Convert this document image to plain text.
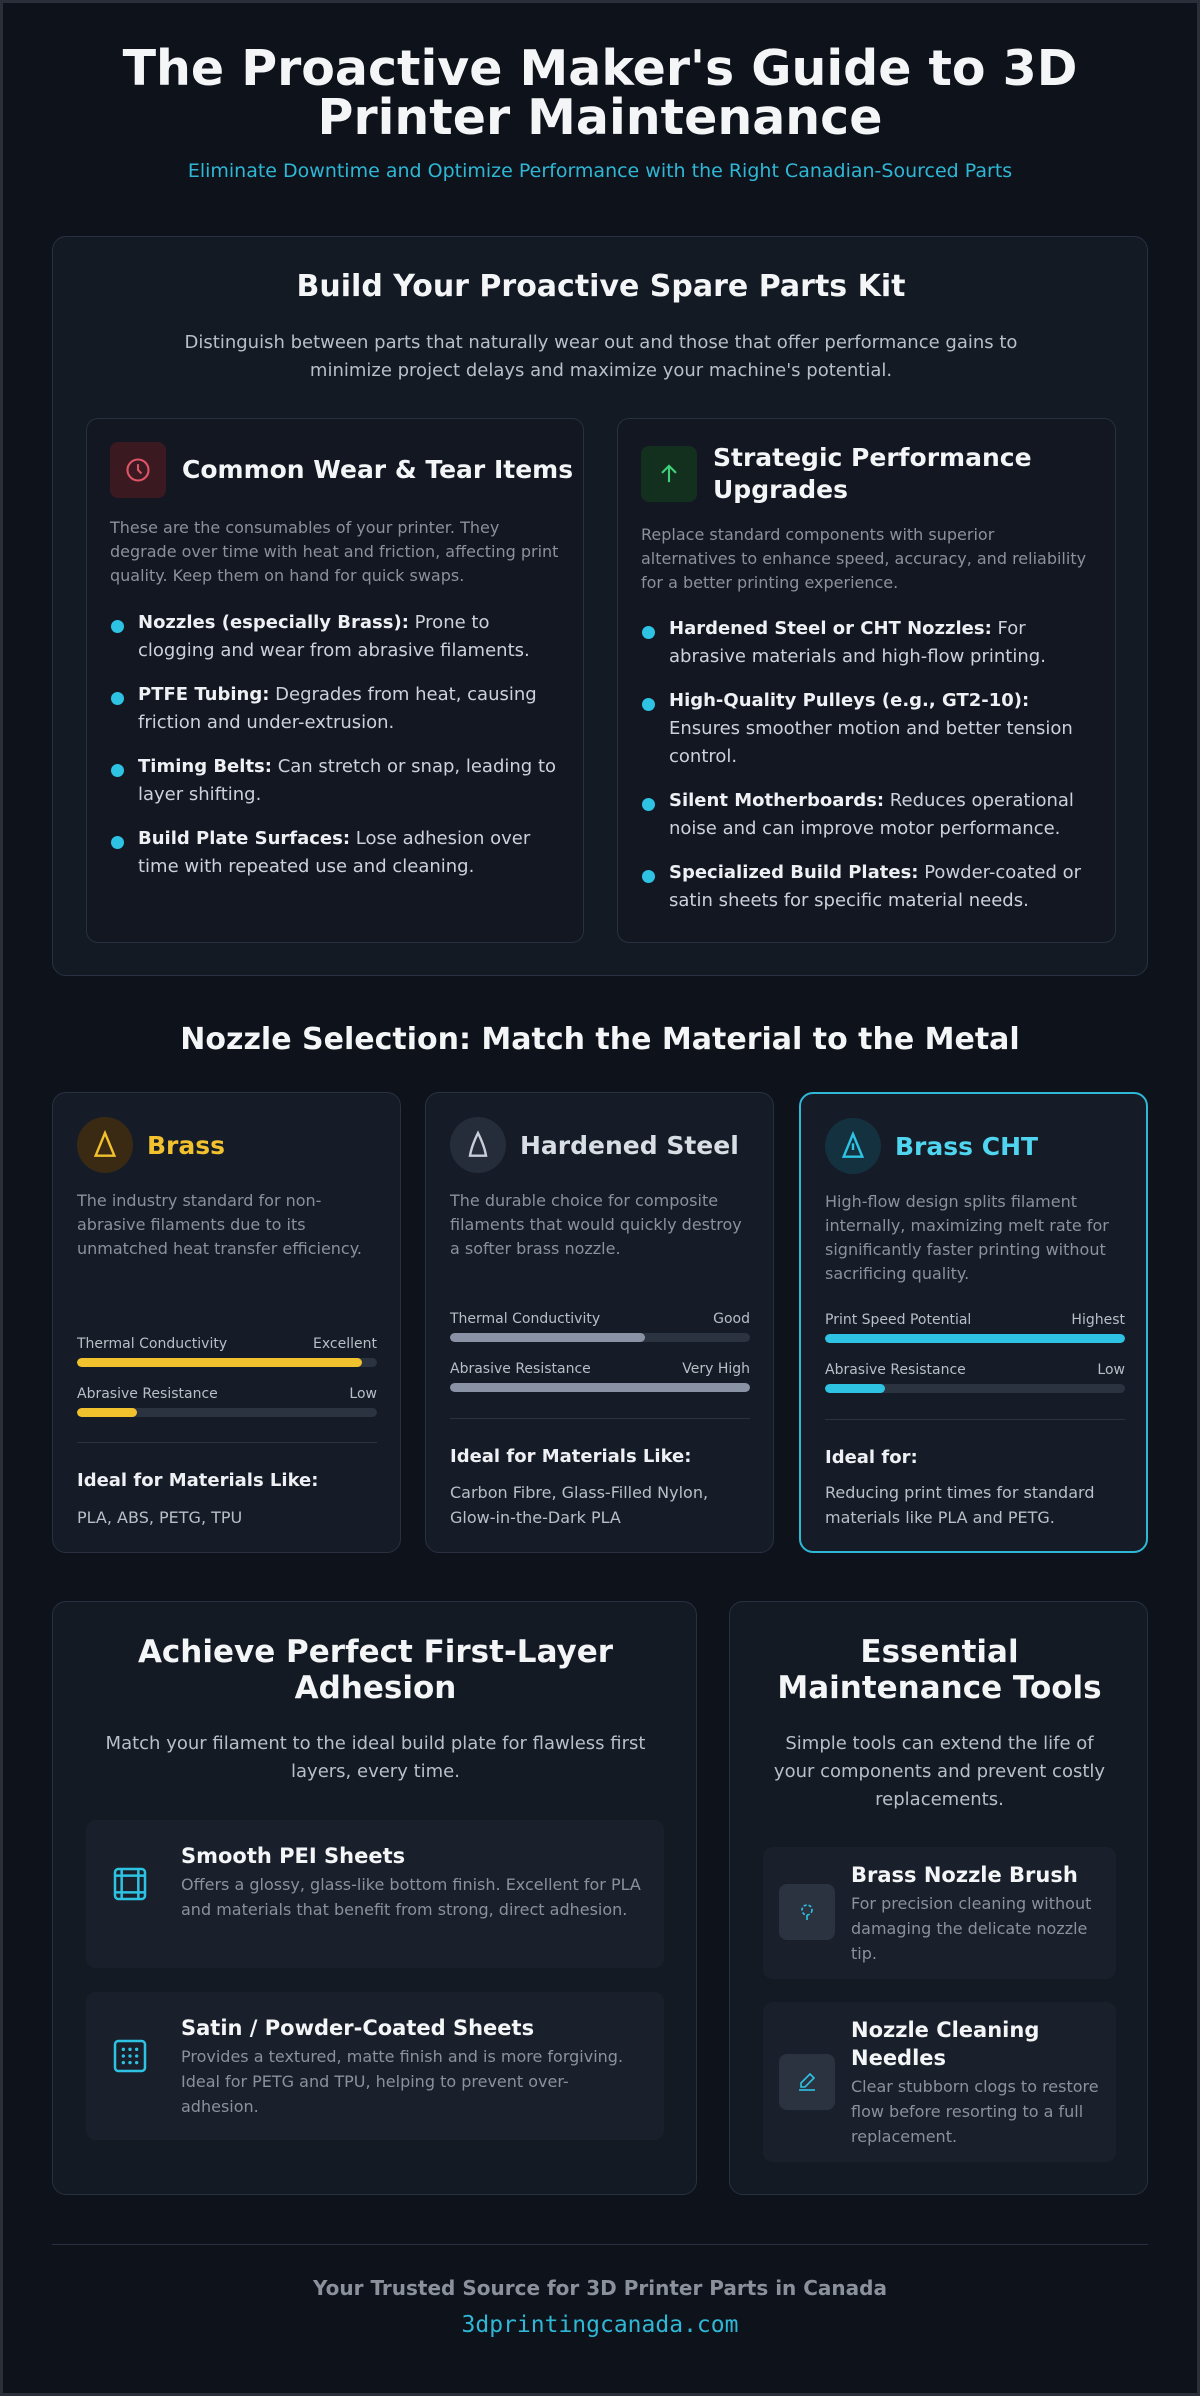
The Proactive Maker's Guide to 3D Printer Maintenance
Eliminate Downtime and Optimize Performance with the Right Canadian-Sourced Parts
Build Your Proactive Spare Parts Kit
Distinguish between parts that naturally wear out and those that offer performance gains to minimize project delays and maximize your machine's potential.
Common Wear & Tear Items
These are the consumables of your printer. They degrade over time with heat and friction, affecting print quality. Keep them on hand for quick swaps.
Nozzles (especially Brass): Prone to clogging and wear from abrasive filaments.
PTFE Tubing: Degrades from heat, causing friction and under-extrusion.
Timing Belts: Can stretch or snap, leading to layer shifting.
Build Plate Surfaces: Lose adhesion over time with repeated use and cleaning.
Strategic Performance Upgrades
Replace standard components with superior alternatives to enhance speed, accuracy, and reliability for a better printing experience.
Hardened Steel or CHT Nozzles: For abrasive materials and high-flow printing.
High-Quality Pulleys (e.g., GT2-10): Ensures smoother motion and better tension control.
Silent Motherboards: Reduces operational noise and can improve motor performance.
Specialized Build Plates: Powder-coated or satin sheets for specific material needs.
Nozzle Selection: Match the Material to the Metal
Brass
The industry standard for non-abrasive filaments due to its unmatched heat transfer efficiency.
Thermal Conductivity	Excellent
Abrasive Resistance	Low
Ideal for Materials Like:
PLA, ABS, PETG, TPU
Hardened Steel
The durable choice for composite filaments that would quickly destroy a softer brass nozzle.
Thermal Conductivity	Good
Abrasive Resistance	Very High
Ideal for Materials Like:
Carbon Fibre, Glass-Filled Nylon, Glow-in-the-Dark PLA
Brass CHT
High-flow design splits filament internally, maximizing melt rate for significantly faster printing without sacrificing quality.
Print Speed Potential	Highest
Abrasive Resistance	Low
Ideal for:
Reducing print times for standard materials like PLA and PETG.
Achieve Perfect First-Layer Adhesion
Match your filament to the ideal build plate for flawless first layers, every time.
Smooth PEI Sheets
Offers a glossy, glass-like bottom finish. Excellent for PLA and materials that benefit from strong, direct adhesion.
Satin / Powder-Coated Sheets
Provides a textured, matte finish and is more forgiving. Ideal for PETG and TPU, helping to prevent over-adhesion.
Essential Maintenance Tools
Simple tools can extend the life of your components and prevent costly replacements.
Brass Nozzle Brush
For precision cleaning without damaging the delicate nozzle tip.
Nozzle Cleaning Needles
Clear stubborn clogs to restore flow before resorting to a full replacement.
Your Trusted Source for 3D Printer Parts in Canada
3dprintingcanada.com
